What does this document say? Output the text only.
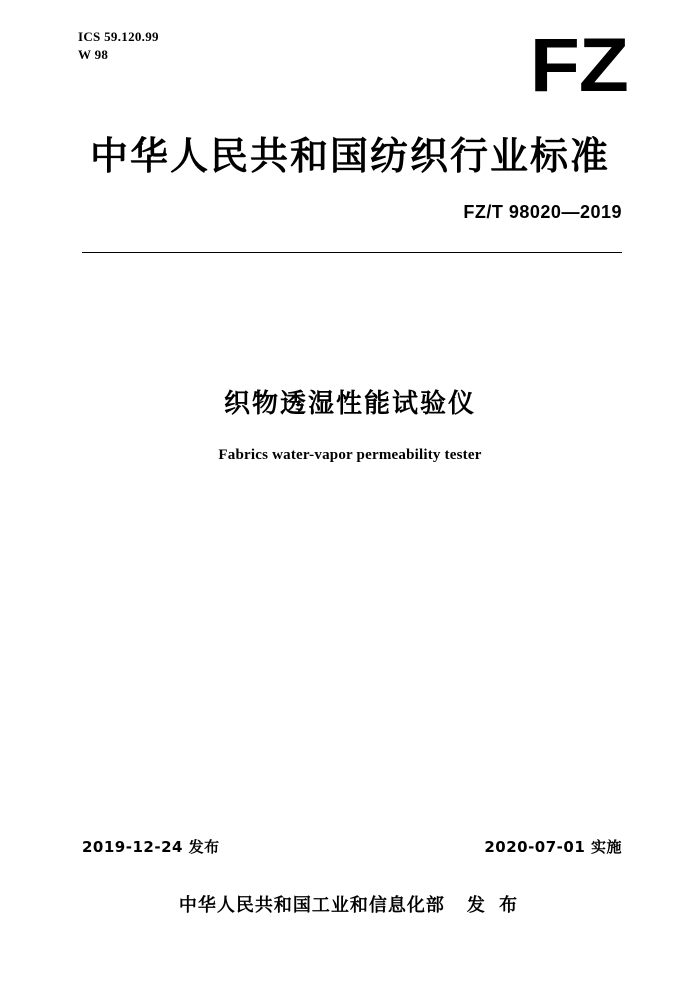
ICS 59.120.99
W 98	FZ
中华人民共和国纺织行业标准
FZ/T 98020—2019
织物透湿性能试验仪
Fabrics water-vapor permeability tester
2019-12-24 发布	2020-07-01 实施
中华人民共和国工业和信息化部 发 布
